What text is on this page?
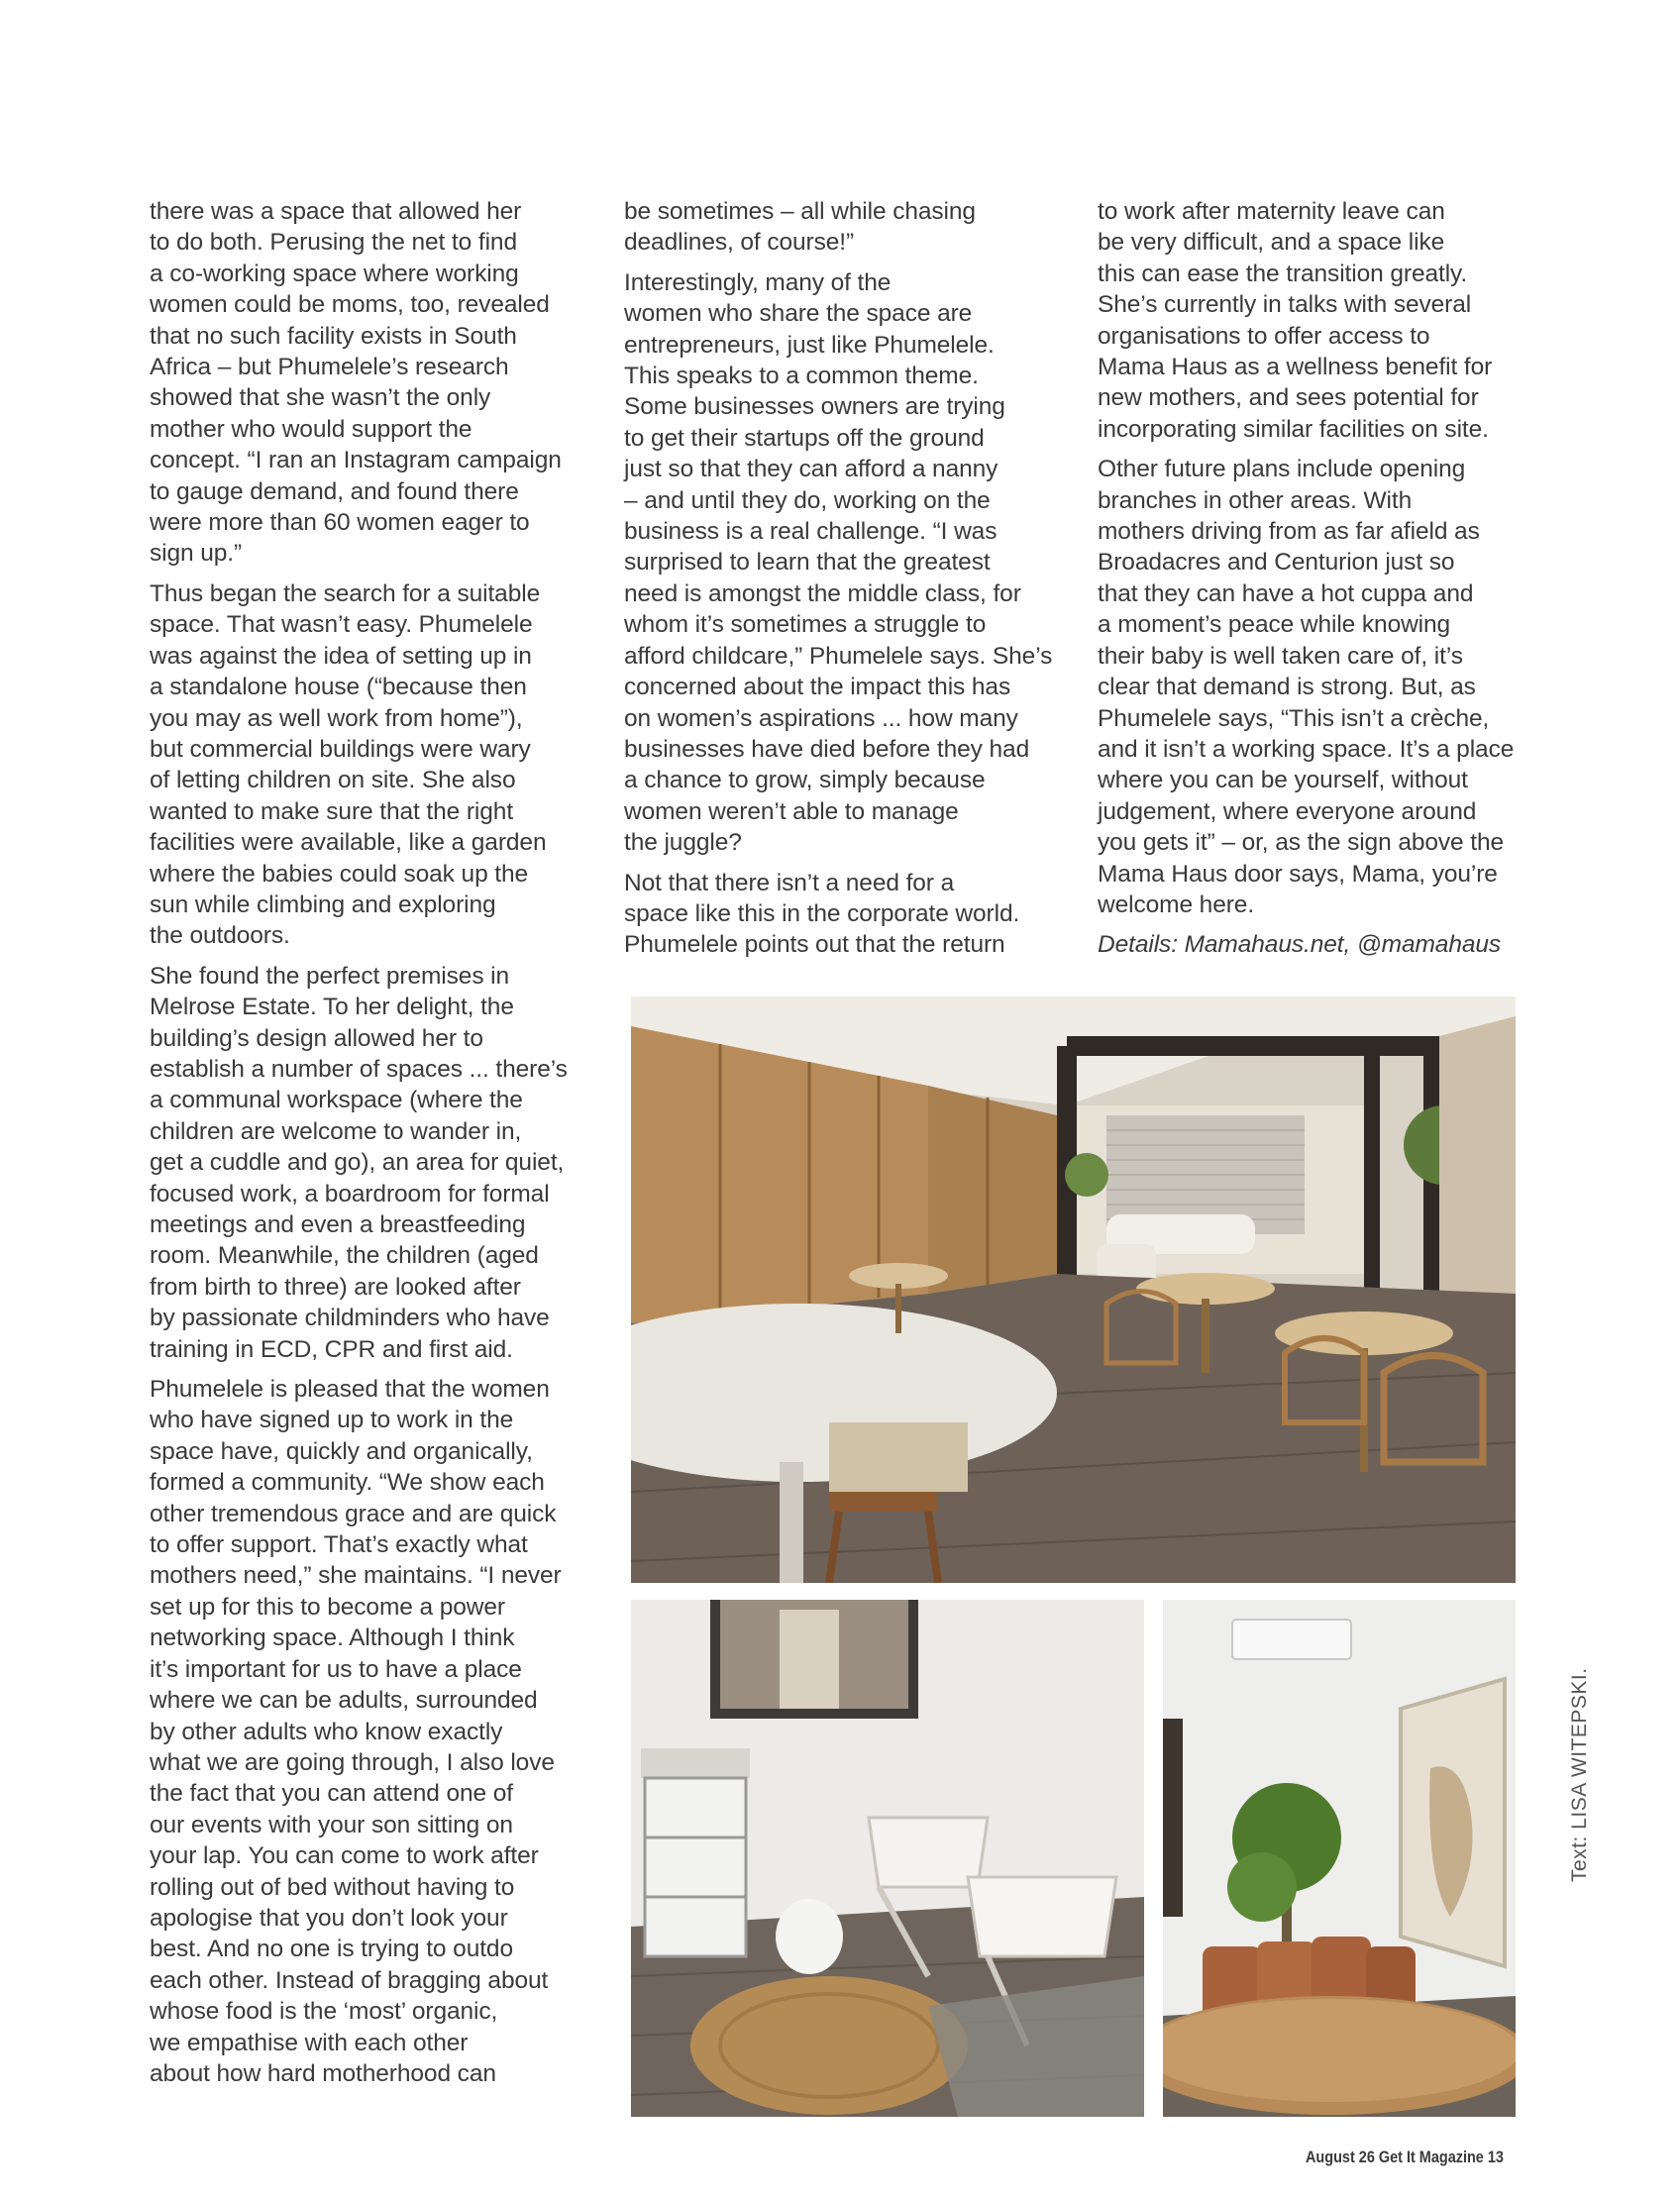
there was a space that allowed her
to do both. Perusing the net to find
a co-working space where working
women could be moms, too, revealed
that no such facility exists in South
Africa – but Phumelele’s research
showed that she wasn’t the only
mother who would support the
concept. “I ran an Instagram campaign
to gauge demand, and found there
were more than 60 women eager to
sign up.”

Thus began the search for a suitable
space. That wasn’t easy. Phumelele
was against the idea of setting up in
a standalone house (“because then
you may as well work from home”),
but commercial buildings were wary
of letting children on site. She also
wanted to make sure that the right
facilities were available, like a garden
where the babies could soak up the
sun while climbing and exploring
the outdoors.

She found the perfect premises in
Melrose Estate. To her delight, the
building’s design allowed her to
establish a number of spaces ... there’s
a communal workspace (where the
children are welcome to wander in,
get a cuddle and go), an area for quiet,
focused work, a boardroom for formal
meetings and even a breastfeeding
room. Meanwhile, the children (aged
from birth to three) are looked after
by passionate childminders who have
training in ECD, CPR and first aid.

Phumelele is pleased that the women
who have signed up to work in the
space have, quickly and organically,
formed a community. “We show each
other tremendous grace and are quick
to offer support. That’s exactly what
mothers need,” she maintains. “I never
set up for this to become a power
networking space. Although I think
it’s important for us to have a place
where we can be adults, surrounded
by other adults who know exactly
what we are going through, I also love
the fact that you can attend one of
our events with your son sitting on
your lap. You can come to work after
rolling out of bed without having to
apologise that you don’t look your
best. And no one is trying to outdo
each other. Instead of bragging about
whose food is the ‘most’ organic,
we empathise with each other
about how hard motherhood can

be sometimes – all while chasing
deadlines, of course!”

Interestingly, many of the
women who share the space are
entrepreneurs, just like Phumelele.
This speaks to a common theme.
Some businesses owners are trying
to get their startups off the ground
just so that they can afford a nanny
– and until they do, working on the
business is a real challenge. “I was
surprised to learn that the greatest
need is amongst the middle class, for
whom it’s sometimes a struggle to
afford childcare,” Phumelele says. She’s
concerned about the impact this has
on women’s aspirations ... how many
businesses have died before they had
a chance to grow, simply because
women weren’t able to manage
the juggle?

Not that there isn’t a need for a
space like this in the corporate world.
Phumelele points out that the return

to work after maternity leave can
be very difficult, and a space like
this can ease the transition greatly.
She’s currently in talks with several
organisations to offer access to
Mama Haus as a wellness benefit for
new mothers, and sees potential for
incorporating similar facilities on site.

Other future plans include opening
branches in other areas. With
mothers driving from as far afield as
Broadacres and Centurion just so
that they can have a hot cuppa and
a moment’s peace while knowing
their baby is well taken care of, it’s
clear that demand is strong. But, as
Phumelele says, “This isn’t a crèche,
and it isn’t a working space. It’s a place
where you can be yourself, without
judgement, where everyone around
you gets it” – or, as the sign above the
Mama Haus door says, Mama, you’re
welcome here.

Details: Mamahaus.net, @mamahaus

Text: LISA WITEPSKI.
August 26 Get It Magazine 13
